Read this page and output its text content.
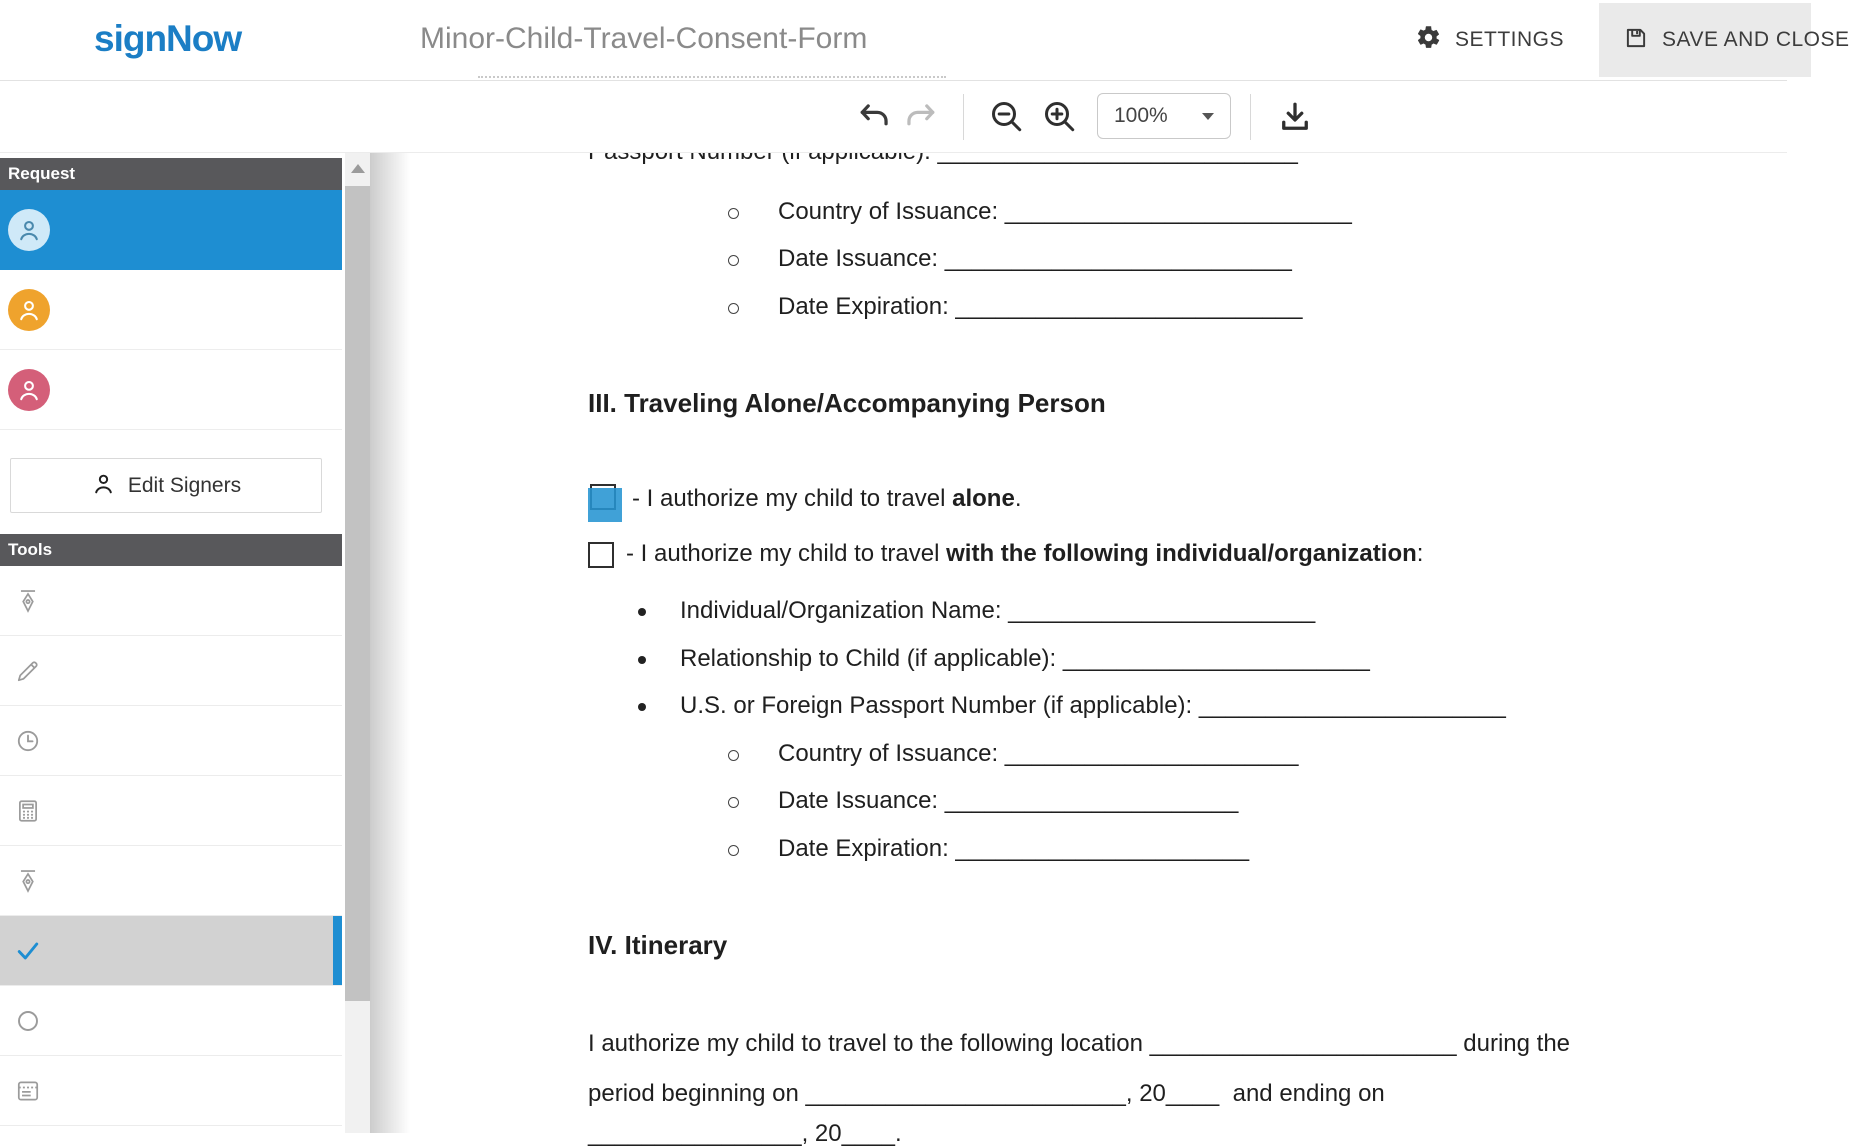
signNow	Minor-Child-Travel-Consent-Form	SETTINGS	SAVE AND CLOSE
100%
Request
Edit Signers
Tools
Country of Issuance: __________________________
Date Issuance: __________________________
Date Expiration: __________________________
III. Traveling Alone/Accompanying Person
- I authorize my child to travel alone.
- I authorize my child to travel with the following individual/organization:
Individual/Organization Name: _______________________
Relationship to Child (if applicable): _______________________
U.S. or Foreign Passport Number (if applicable): _______________________
Country of Issuance: ______________________
Date Issuance: ______________________
Date Expiration: ______________________
IV. Itinerary
I authorize my child to travel to the following location _______________________ during the
period beginning on ________________________, 20____  and ending on
________________, 20____.
